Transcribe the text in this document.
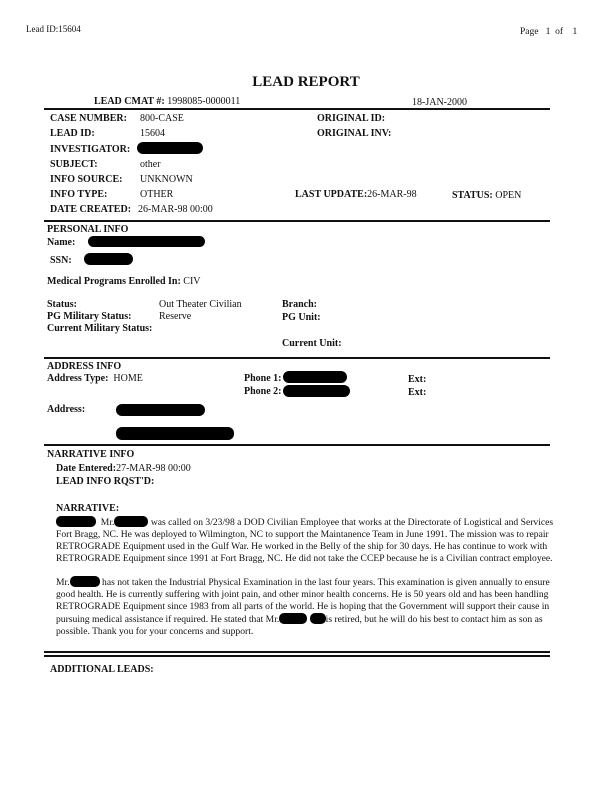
Lead ID:15604	Page 1 of 1
LEAD REPORT
LEAD CMAT #: 1998085-0000011	18-JAN-2000
CASE NUMBER: 800-CASE
LEAD ID:	15604
INVESTIGATOR:
SUBJECT:	other
INFO SOURCE: UNKNOWN
INFO TYPE:	OTHER
DATE CREATED: 26-MAR-98 00:00
ORIGINAL ID:
ORIGINAL INV:
LAST UPDATE:26-MAR-98	STATUS: OPEN
PERSONAL INFO
Name:
SSN:
Medical Programs Enrolled In: CIV
Status:	Out Theater Civilian
PG Military Status:	Reserve
Current Military Status:
Branch:
PG Unit:
Current Unit:
ADDRESS INFO
Address Type: HOME	Phone 1:
Phone 2:
Ext:
Ext:
Address:
NARRATIVE INFO
Date Entered:27-MAR-98 00:00
LEAD INFO RQST'D:
NARRATIVE:
Mr.	was called on 3/23/98 a DOD Civilian Employee that works at the Directorate of Logistical and Services Fort Bragg, NC. He was deployed to Wilmington, NC to support the Maintanence Team in June 1991. The mission was to repair RETROGRADE Equipment used in the Gulf War. He worked in the Belly of the ship for 30 days. He has continue to work with RETROGRADE Equipment since 1991 at Fort Bragg, NC. He did not take the CCEP because he is a Civilian contract employee.
Mr.	has not taken the Industrial Physical Examination in the last four years. This examination is given annually to ensure good health. He is currently suffering with joint pain, and other minor health concerns. He is 50 years old and has been handling RETROGRADE Equipment since 1983 from all parts of the world. He is hoping that the Government will support their cause in pursuing medical assistance if required. He stated that Mr.	is retired, but he will do his best to contact him as son as possible. Thank you for your concerns and support.
ADDITIONAL LEADS:
